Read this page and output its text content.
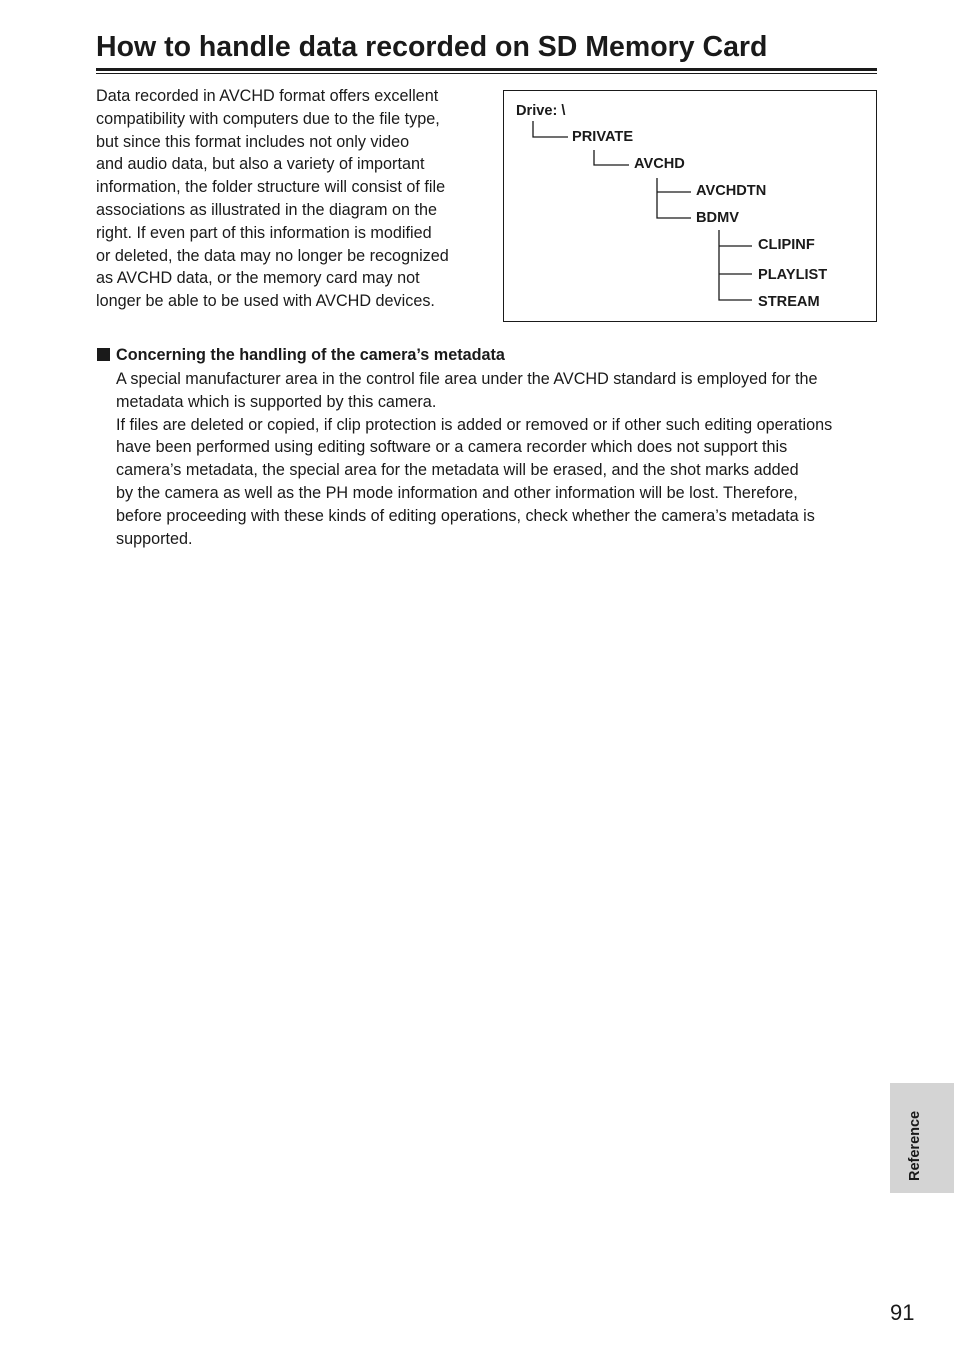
How to handle data recorded on SD Memory Card
Data recorded in AVCHD format offers excellent
compatibility with computers due to the file type,
but since this format includes not only video
and audio data, but also a variety of important
information, the folder structure will consist of file
associations as illustrated in the diagram on the
right. If even part of this information is modified
or deleted, the data may no longer be recognized
as AVCHD data, or the memory card may not
longer be able to be used with AVCHD devices.
Drive: \
PRIVATE
AVCHD
AVCHDTN
BDMV
CLIPINF
PLAYLIST
STREAM
Concerning the handling of the camera’s metadata
A special manufacturer area in the control file area under the AVCHD standard is employed for the
metadata which is supported by this camera.
If files are deleted or copied, if clip protection is added or removed or if other such editing operations
have been performed using editing software or a camera recorder which does not support this
camera’s metadata, the special area for the metadata will be erased, and the shot marks added
by the camera as well as the PH mode information and other information will be lost. Therefore,
before proceeding with these kinds of editing operations, check whether the camera’s metadata is
supported.
Reference
91
